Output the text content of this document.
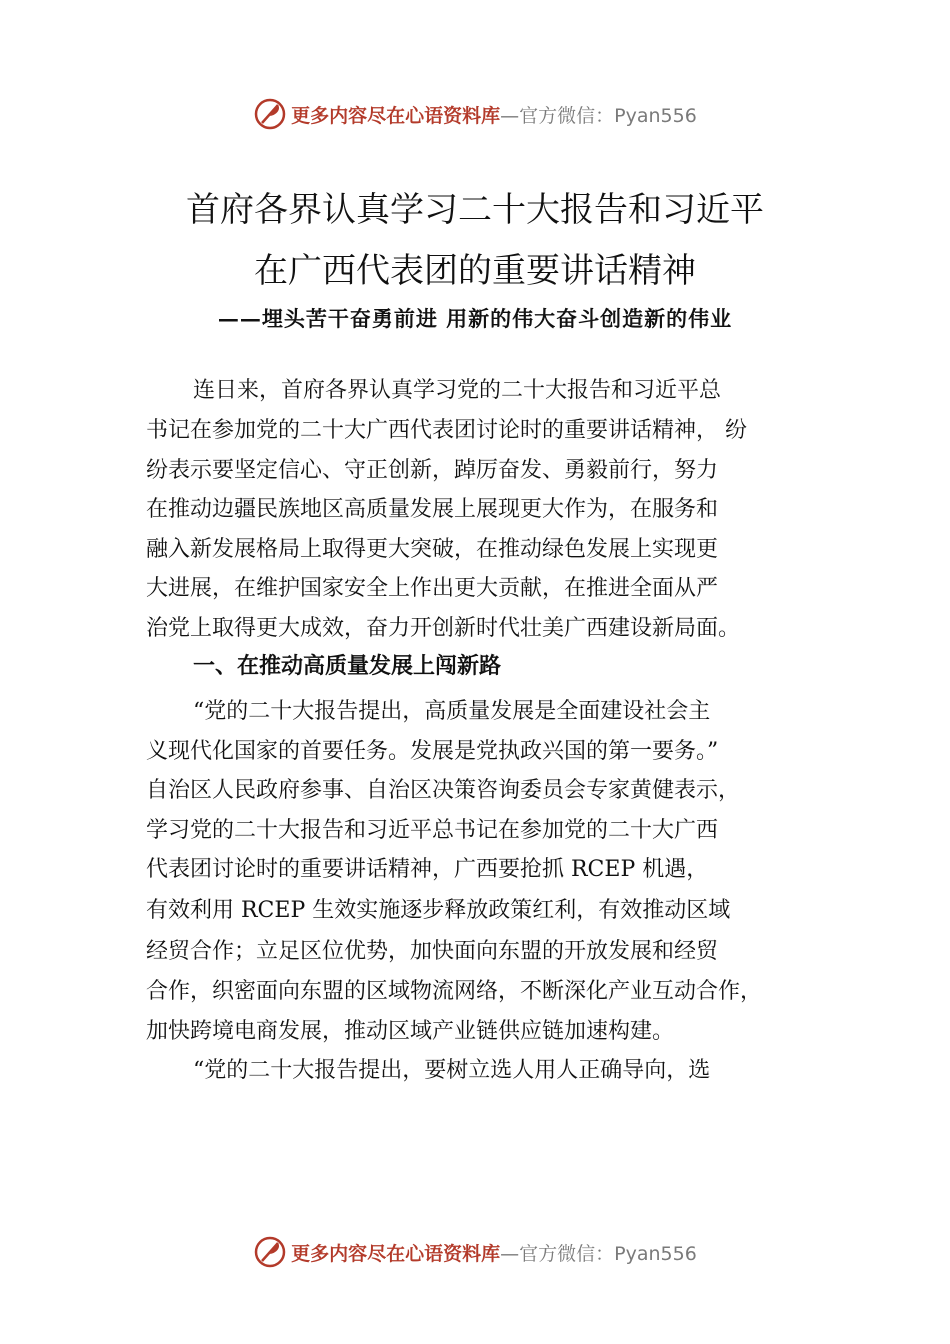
更多内容尽在心语资料库 —官方微信：Pyan556
首府各界认真学习二十大报告和习近平
在广西代表团的重要讲话精神
——埋头苦干奋勇前进 用新的伟大奋斗创造新的伟业
连日来，首府各界认真学习党的二十大报告和习近平总
书记在参加党的二十大广西代表团讨论时的重要讲话精神， 纷
纷表示要坚定信心、守正创新，踔厉奋发、勇毅前行，努力
在推动边疆民族地区高质量发展上展现更大作为，在服务和
融入新发展格局上取得更大突破，在推动绿色发展上实现更
大进展，在维护国家安全上作出更大贡献，在推进全面从严
治党上取得更大成效，奋力开创新时代壮美广西建设新局面。
一、在推动高质量发展上闯新路
“党的二十大报告提出，高质量发展是全面建设社会主
义现代化国家的首要任务。发展是党执政兴国的第一要务。”
自治区人民政府参事、自治区决策咨询委员会专家黄健表示，
学习党的二十大报告和习近平总书记在参加党的二十大广西
代表团讨论时的重要讲话精神，广西要抢抓 RCEP 机遇，
有效利用 RCEP 生效实施逐步释放政策红利，有效推动区域
经贸合作；立足区位优势，加快面向东盟的开放发展和经贸
合作，织密面向东盟的区域物流网络，不断深化产业互动合作，
加快跨境电商发展，推动区域产业链供应链加速构建。
“党的二十大报告提出，要树立选人用人正确导向，选
更多内容尽在心语资料库 —官方微信：Pyan556
